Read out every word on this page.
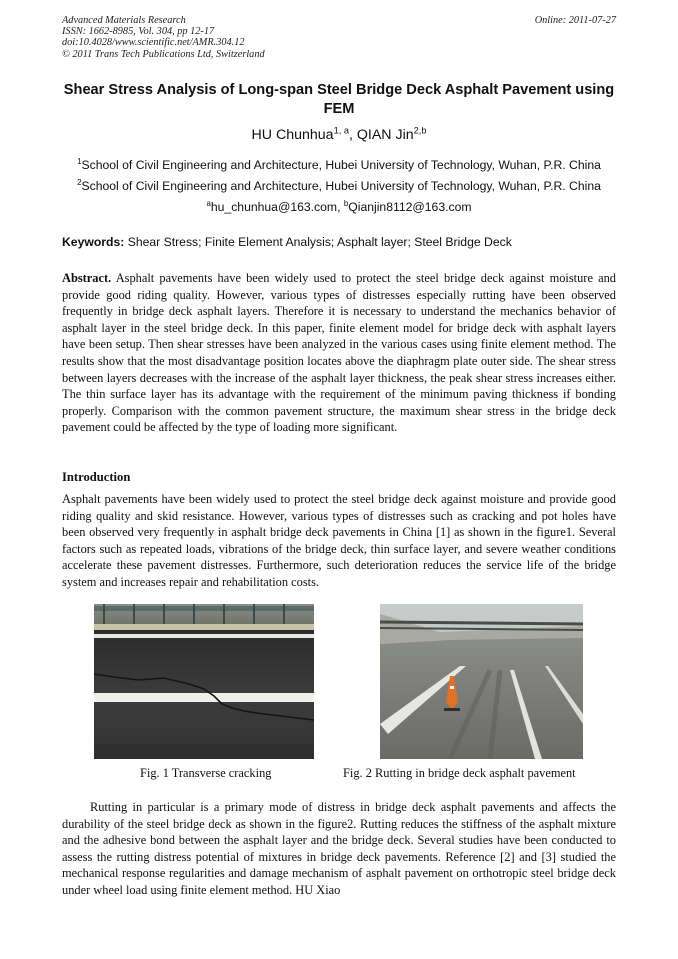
Advanced Materials Research
ISSN: 1662-8985, Vol. 304, pp 12-17
doi:10.4028/www.scientific.net/AMR.304.12
© 2011 Trans Tech Publications Ltd, Switzerland
Online: 2011-07-27
Shear Stress Analysis of Long-span Steel Bridge Deck Asphalt Pavement using FEM
HU Chunhua$^{1, a}$, QIAN Jin$^{2,b}$
$^1$School of Civil Engineering and Architecture, Hubei University of Technology, Wuhan, P.R. China
$^2$School of Civil Engineering and Architecture, Hubei University of Technology, Wuhan, P.R. China
$^a$hu_chunhua@163.com, $^b$Qianjin8112@163.com
Keywords: Shear Stress; Finite Element Analysis; Asphalt layer; Steel Bridge Deck
Abstract. Asphalt pavements have been widely used to protect the steel bridge deck against moisture and provide good riding quality. However, various types of distresses especially rutting have been observed frequently in bridge deck asphalt layers. Therefore it is necessary to understand the mechanics behavior of asphalt layer in the steel bridge deck. In this paper, finite element model for bridge deck with asphalt layers have been setup. Then shear stresses have been analyzed in the various cases using finite element method. The results show that the most disadvantage position locates above the diaphragm plate outer side. The shear stress between layers decreases with the increase of the asphalt layer thickness, the peak shear stress increases either. The thin surface layer has its advantage with the requirement of the minimum paving thickness if bonding properly. Comparison with the common pavement structure, the maximum shear stress in the bridge deck pavement could be affected by the type of loading more significant.
Introduction
Asphalt pavements have been widely used to protect the steel bridge deck against moisture and provide good riding quality and skid resistance. However, various types of distresses such as cracking and pot holes have been observed very frequently in asphalt bridge deck pavements in China [1] as shown in the figure1. Several factors such as repeated loads, vibrations of the bridge deck, thin surface layer, and severe weather conditions accelerate these pavement distresses. Furthermore, such deterioration reduces the service life of the bridge system and increases repair and rehabilitation costs.
Fig. 1 Transverse cracking	Fig. 2 Rutting in bridge deck asphalt pavement
Rutting in particular is a primary mode of distress in bridge deck asphalt pavements and affects the durability of the steel bridge deck as shown in the figure2. Rutting reduces the stiffness of the asphalt mixture and the adhesive bond between the asphalt layer and the bridge deck. Several studies have been conducted to assess the rutting distress potential of mixtures in bridge deck pavements. Reference [2] and [3] studied the mechanical response regularities and damage mechanism of asphalt pavement on orthotropic steel bridge deck under wheel load using finite element method. HU Xiao
